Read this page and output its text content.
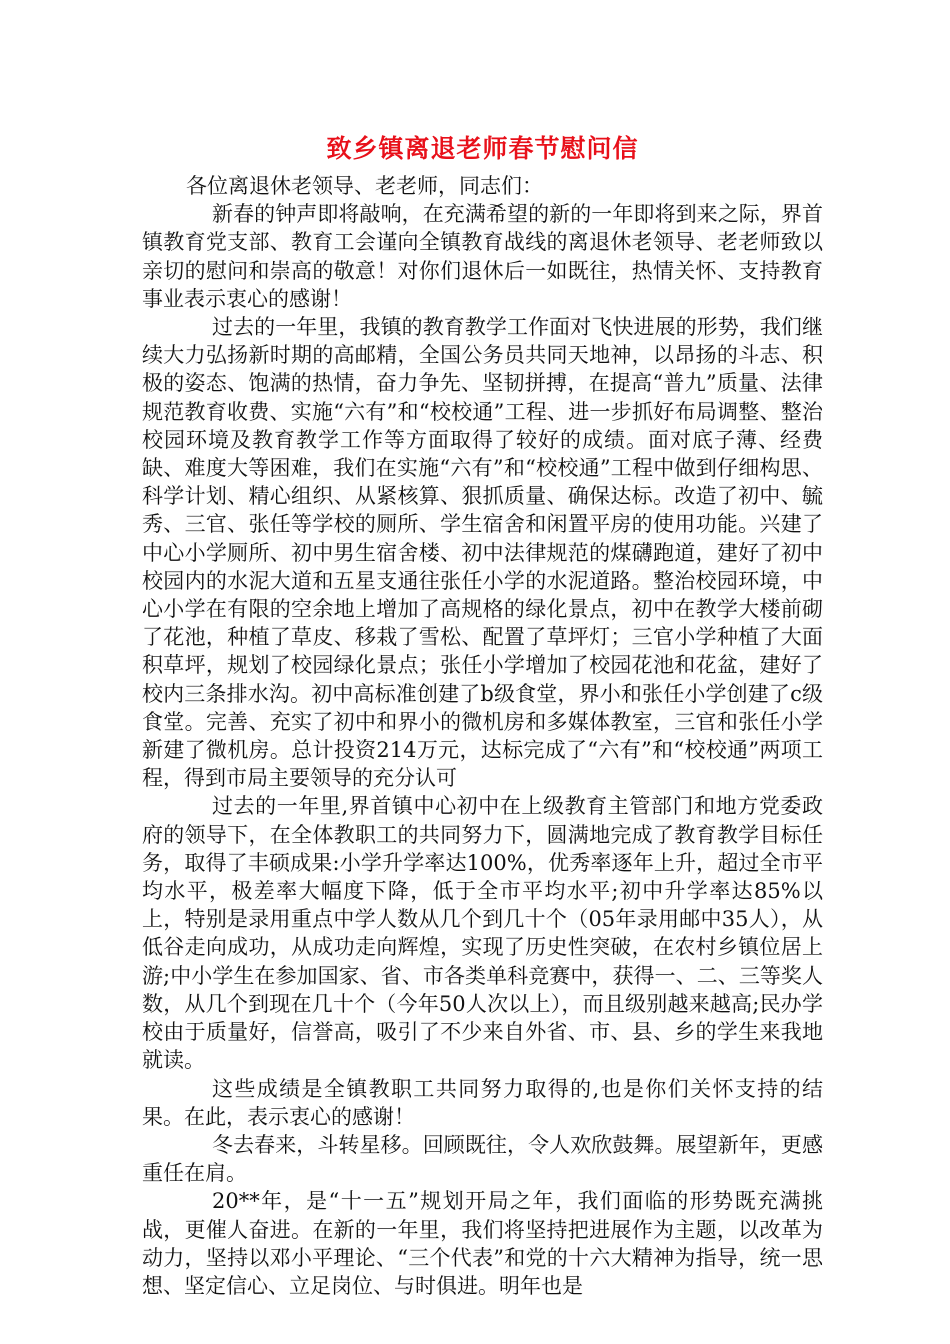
致乡镇离退老师春节慰问信

各位离退休老领导、老老师，同志们：

新春的钟声即将敲响，在充满希望的新的一年即将到来之际，界首镇教育党支部、教育工会谨向全镇教育战线的离退休老领导、老老师致以亲切的慰问和崇高的敬意！对你们退休后一如既往，热情关怀、支持教育事业表示衷心的感谢！

过去的一年里，我镇的教育教学工作面对飞快进展的形势，我们继续大力弘扬新时期的高邮精，全国公务员共同天地神，以昂扬的斗志、积极的姿态、饱满的热情，奋力争先、坚韧拼搏，在提高“普九”质量、法律规范教育收费、实施“六有”和“校校通”工程、进一步抓好布局调整、整治校园环境及教育教学工作等方面取得了较好的成绩。面对底子薄、经费缺、难度大等困难，我们在实施“六有”和“校校通”工程中做到仔细构思、科学计划、精心组织、从紧核算、狠抓质量、确保达标。改造了初中、毓秀、三官、张任等学校的厕所、学生宿舍和闲置平房的使用功能。兴建了中心小学厕所、初中男生宿舍楼、初中法律规范的煤礴跑道，建好了初中校园内的水泥大道和五星支通往张任小学的水泥道路。整治校园环境，中心小学在有限的空余地上增加了高规格的绿化景点，初中在教学大楼前砌了花池，种植了草皮、移栽了雪松、配置了草坪灯；三官小学种植了大面积草坪，规划了校园绿化景点；张任小学增加了校园花池和花盆，建好了校内三条排水沟。初中高标准创建了b级食堂，界小和张任小学创建了c级食堂。完善、充实了初中和界小的微机房和多媒体教室，三官和张任小学新建了微机房。总计投资214万元，达标完成了“六有”和“校校通”两项工程，得到市局主要领导的充分认可

过去的一年里,界首镇中心初中在上级教育主管部门和地方党委政府的领导下，在全体教职工的共同努力下，圆满地完成了教育教学目标任务，取得了丰硕成果:小学升学率达100%，优秀率逐年上升，超过全市平均水平，极差率大幅度下降，低于全市平均水平;初中升学率达85%以上，特别是录用重点中学人数从几个到几十个（05年录用邮中35人），从低谷走向成功，从成功走向辉煌，实现了历史性突破，在农村乡镇位居上游;中小学生在参加国家、省、市各类单科竞赛中，获得一、二、三等奖人数，从几个到现在几十个（今年50人次以上），而且级别越来越高;民办学校由于质量好，信誉高，吸引了不少来自外省、市、县、乡的学生来我地就读。

这些成绩是全镇教职工共同努力取得的,也是你们关怀支持的结果。在此，表示衷心的感谢！

冬去春来，斗转星移。回顾既往，令人欢欣鼓舞。展望新年，更感重任在肩。

20**年，是“十一五”规划开局之年，我们面临的形势既充满挑战，更催人奋进。在新的一年里，我们将坚持把进展作为主题，以改革为动力，坚持以邓小平理论、“三个代表”和党的十六大精神为指导，统一思想、坚定信心、立足岗位、与时俱进。明年也是
